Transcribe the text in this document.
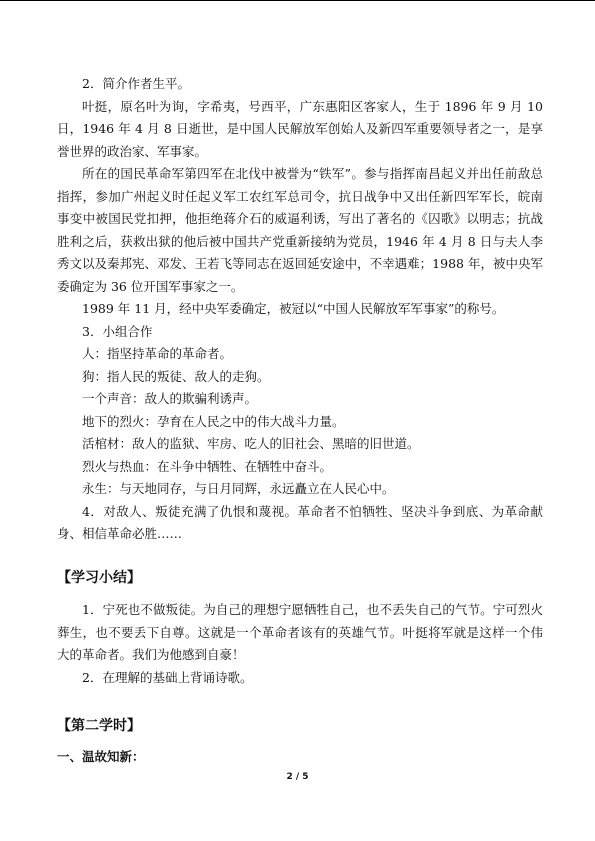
2．简介作者生平。

叶挺，原名叶为询，字希夷，号西平，广东惠阳区客家人，生于 1896 年 9 月 10 日，1946 年 4 月 8 日逝世，是中国人民解放军创始人及新四军重要领导者之一，是享誉世界的政治家、军事家。

所在的国民革命军第四军在北伐中被誉为“铁军”。参与指挥南昌起义并出任前敌总指挥，参加广州起义时任起义军工农红军总司令，抗日战争中又出任新四军军长，皖南事变中被国民党扣押，他拒绝蒋介石的威逼利诱，写出了著名的《囚歌》以明志；抗战胜利之后，获救出狱的他后被中国共产党重新接纳为党员，1946 年 4 月 8 日与夫人李秀文以及秦邦宪、邓发、王若飞等同志在返回延安途中，不幸遇难；1988 年，被中央军委确定为 36 位开国军事家之一。

1989 年 11 月，经中央军委确定，被冠以“中国人民解放军军事家”的称号。

3．小组合作

人：指坚持革命的革命者。

狗：指人民的叛徒、敌人的走狗。

一个声音：敌人的欺骗利诱声。

地下的烈火：孕育在人民之中的伟大战斗力量。

活棺材：敌人的监狱、牢房、吃人的旧社会、黑暗的旧世道。

烈火与热血：在斗争中牺牲、在牺牲中奋斗。

永生：与天地同存，与日月同辉，永远矗立在人民心中。

4．对敌人、叛徒充满了仇恨和蔑视。革命者不怕牺牲、坚决斗争到底、为革命献身、相信革命必胜……

【学习小结】

1．宁死也不做叛徒。为自己的理想宁愿牺牲自己，也不丢失自己的气节。宁可烈火葬生，也不要丢下自尊。这就是一个革命者该有的英雄气节。叶挺将军就是这样一个伟大的革命者。我们为他感到自豪！

2．在理解的基础上背诵诗歌。

【第二学时】
一、温故知新：
2 / 5
